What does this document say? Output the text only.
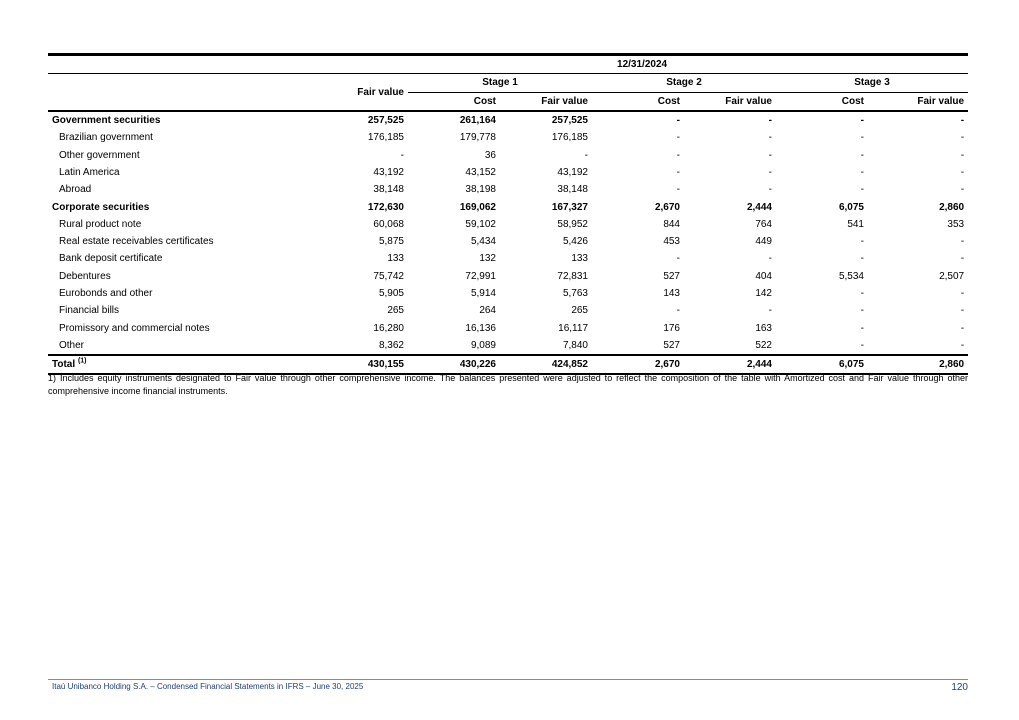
	12/31/2024						
	Fair value	Stage 1		Stage 2		Stage 3	
		Cost	Fair value	Cost	Fair value	Cost	Fair value
Government securities	257,525	261,164	257,525	-	-	-	-
Brazilian government	176,185	179,778	176,185	-	-	-	-
Other government	-	36	-	-	-	-	-
Latin America	43,192	43,152	43,192	-	-	-	-
Abroad	38,148	38,198	38,148	-	-	-	-
Corporate securities	172,630	169,062	167,327	2,670	2,444	6,075	2,860
Rural product note	60,068	59,102	58,952	844	764	541	353
Real estate receivables certificates	5,875	5,434	5,426	453	449	-	-
Bank deposit certificate	133	132	133	-	-	-	-
Debentures	75,742	72,991	72,831	527	404	5,534	2,507
Eurobonds and other	5,905	5,914	5,763	143	142	-	-
Financial bills	265	264	265	-	-	-	-
Promissory and commercial notes	16,280	16,136	16,117	176	163	-	-
Other	8,362	9,089	7,840	527	522	-	-
Total $^{(1)}$	430,155	430,226	424,852	2,670	2,444	6,075	2,860
1) Includes equity instruments designated to Fair value through other comprehensive income. The balances presented were adjusted to reflect the composition of the table with Amortized cost and Fair value through other comprehensive income financial instruments.
Itaú Unibanco Holding S.A. – Condensed Financial Statements in IFRS – June 30, 2025	120
